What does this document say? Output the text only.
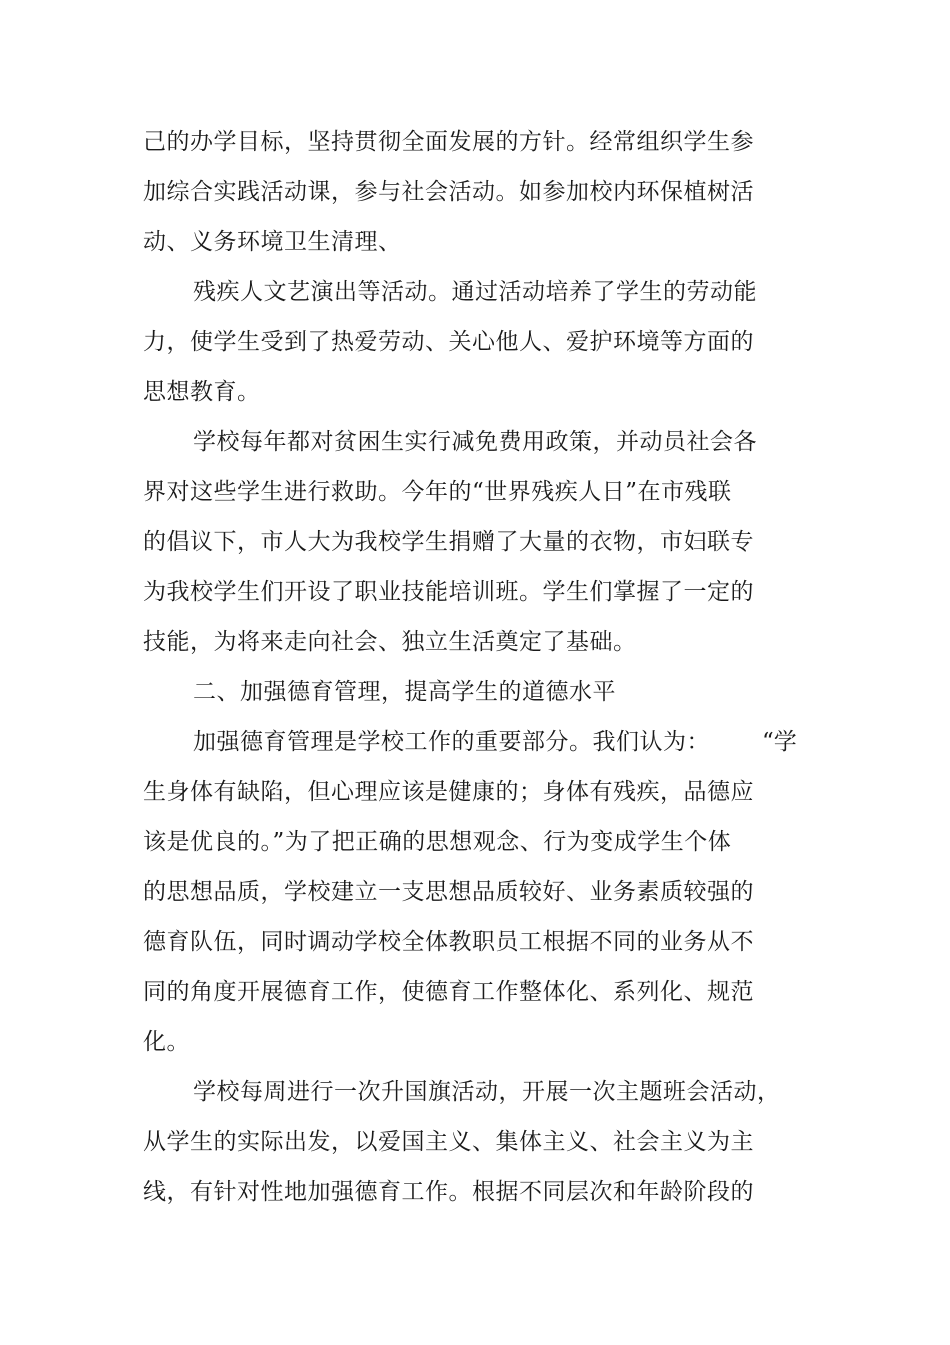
己的办学目标，坚持贯彻全面发展的方针。经常组织学生参
加综合实践活动课，参与社会活动。如参加校内环保植树活
动、义务环境卫生清理、
残疾人文艺演出等活动。通过活动培养了学生的劳动能
力，使学生受到了热爱劳动、关心他人、爱护环境等方面的
思想教育。
学校每年都对贫困生实行减免费用政策，并动员社会各
界对这些学生进行救助。今年的“世界残疾人日”在市残联
的倡议下，市人大为我校学生捐赠了大量的衣物，市妇联专
为我校学生们开设了职业技能培训班。学生们掌握了一定的
技能，为将来走向社会、独立生活奠定了基础。
二、加强德育管理，提高学生的道德水平
加强德育管理是学校工作的重要部分。我们认为： “学
生身体有缺陷，但心理应该是健康的；身体有残疾，品德应
该是优良的。”为了把正确的思想观念、行为变成学生个体
的思想品质，学校建立一支思想品质较好、业务素质较强的
德育队伍，同时调动学校全体教职员工根据不同的业务从不
同的角度开展德育工作，使德育工作整体化、系列化、规范
化。
学校每周进行一次升国旗活动，开展一次主题班会活动，
从学生的实际出发，以爱国主义、集体主义、社会主义为主
线，有针对性地加强德育工作。根据不同层次和年龄阶段的
